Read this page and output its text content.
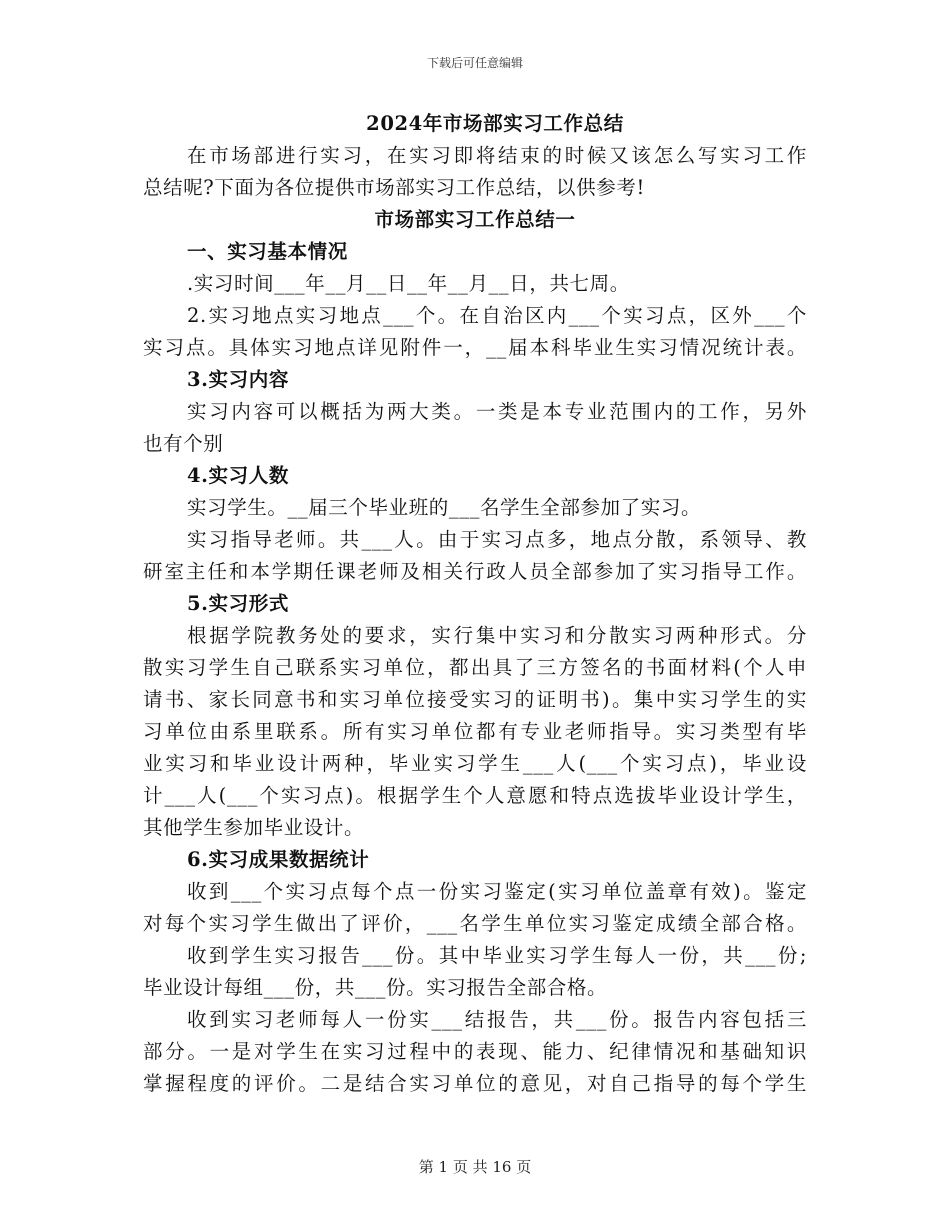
下载后可任意编辑
2024年市场部实习工作总结
在市场部进行实习，在实习即将结束的时候又该怎么写实习工作
总结呢?下面为各位提供市场部实习工作总结，以供参考!
市场部实习工作总结一
一、实习基本情况
.实习时间___年__月__日__年__月__日，共七周。
2.实习地点实习地点___个。在自治区内___个实习点，区外___个
实习点。具体实习地点详见附件一，__届本科毕业生实习情况统计表。
3.实习内容
实习内容可以概括为两大类。一类是本专业范围内的工作，另外
也有个别
4.实习人数
实习学生。__届三个毕业班的___名学生全部参加了实习。
实习指导老师。共___人。由于实习点多，地点分散，系领导、教
研室主任和本学期任课老师及相关行政人员全部参加了实习指导工作。
5.实习形式
根据学院教务处的要求，实行集中实习和分散实习两种形式。分
散实习学生自己联系实习单位，都出具了三方签名的书面材料(个人申
请书、家长同意书和实习单位接受实习的证明书)。集中实习学生的实
习单位由系里联系。所有实习单位都有专业老师指导。实习类型有毕
业实习和毕业设计两种，毕业实习学生___人(___个实习点)，毕业设
计___人(___个实习点)。根据学生个人意愿和特点选拔毕业设计学生，
其他学生参加毕业设计。
6.实习成果数据统计
收到___个实习点每个点一份实习鉴定(实习单位盖章有效)。鉴定
对每个实习学生做出了评价，___名学生单位实习鉴定成绩全部合格。
收到学生实习报告___份。其中毕业实习学生每人一份，共___份;
毕业设计每组___份，共___份。实习报告全部合格。
收到实习老师每人一份实___结报告，共___份。报告内容包括三
部分。一是对学生在实习过程中的表现、能力、纪律情况和基础知识
掌握程度的评价。二是结合实习单位的意见，对自己指导的每个学生
第 1 页 共 16 页
